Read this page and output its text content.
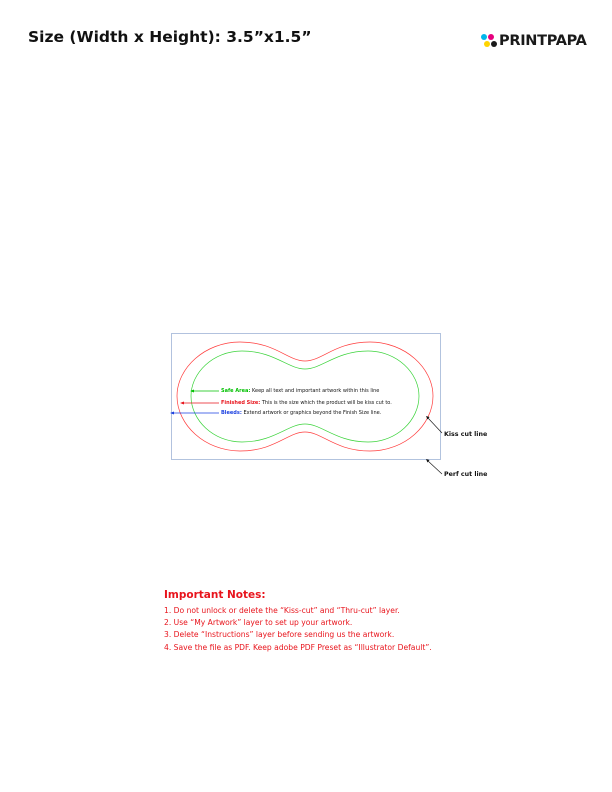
Size (Width x Height): 3.5”x1.5”	PRINTPAPA
Safe Area: Keep all text and important artwork within this line
Finished Size: This is the size which the product will be kiss cut to.
Bleeds: Extend artwork or graphics beyond the Finish Size line.
Kiss cut line
Perf cut line
Important Notes:
1. Do not unlock or delete the “Kiss-cut” and “Thru-cut” layer.
2. Use “My Artwork” layer to set up your artwork.
3. Delete “Instructions” layer before sending us the artwork.
4. Save the file as PDF. Keep adobe PDF Preset as “Illustrator Default”.
